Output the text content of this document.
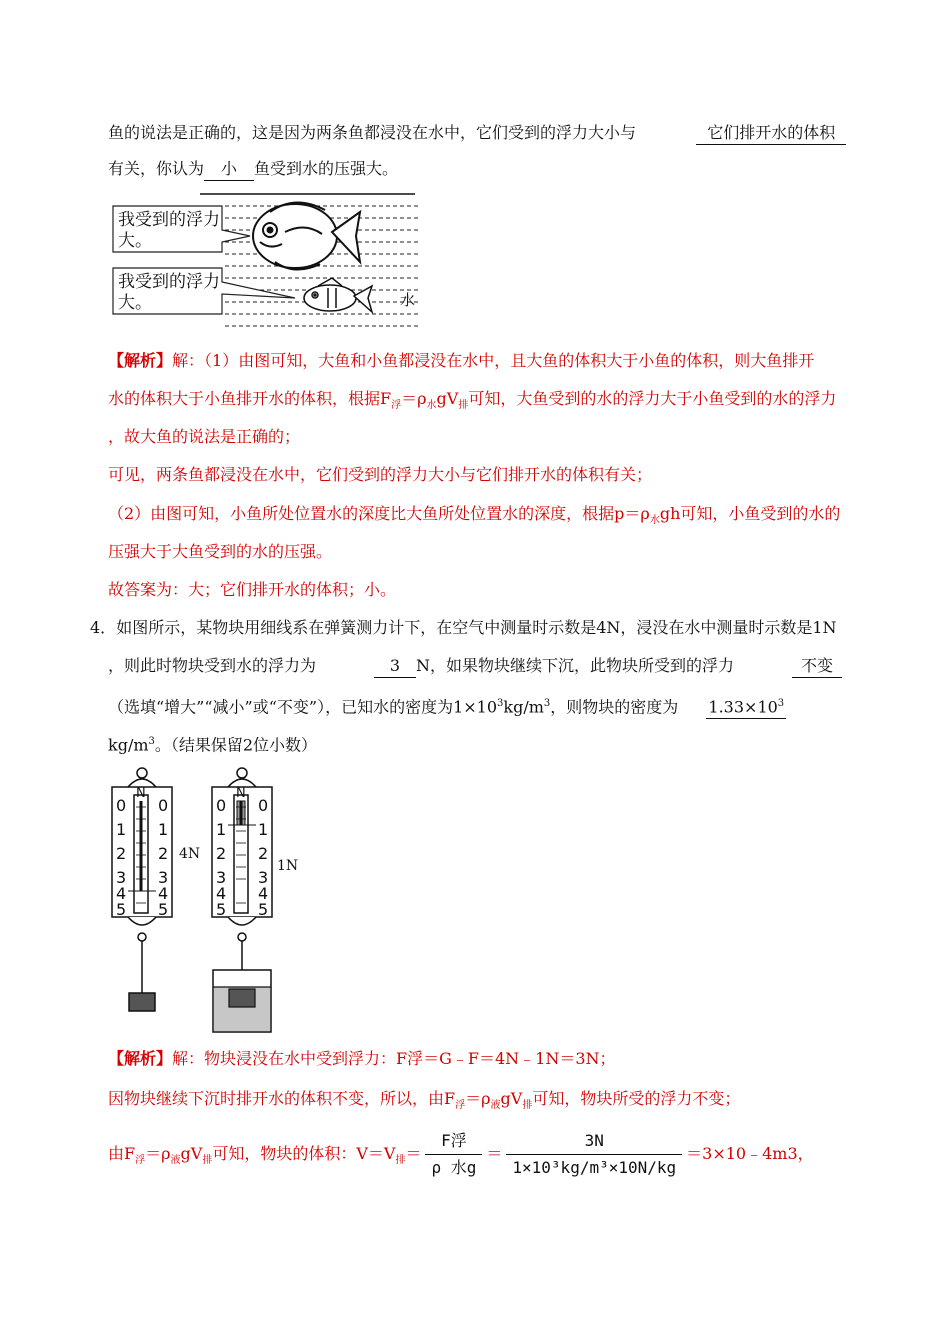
鱼的说法是正确的，这是因为两条鱼都浸没在水中，它们受到的浮力大小与	它们排开水的体积
有关，你认为 小 鱼受到水的压强大。
我受到的浮力大。
我受到的浮力大。	水
【解析】解：（1）由图可知，大鱼和小鱼都浸没在水中，且大鱼的体积大于小鱼的体积，则大鱼排开
水的体积大于小鱼排开水的体积，根据$F_浮=\rho_水gV_排$可知，大鱼受到的水的浮力大于小鱼受到的水的浮力
，故大鱼的说法是正确的；
可见，两条鱼都浸没在水中，它们受到的浮力大小与它们排开水的体积有关；
（2）由图可知，小鱼所处位置水的深度比大鱼所处位置水的深度，根据$p=\rho_水gh$可知，小鱼受到的水的
压强大于大鱼受到的水的压强。
故答案为：大；它们排开水的体积；小。
4．如图所示，某物块用细线系在弹簧测力计下，在空气中测量时示数是4N，浸没在水中测量时示数是1N
，则此时物块受到水的浮力为	3 N，如果物块继续下沉，此物块所受到的浮力	不变
（选填“增大”“减小”或“不变”），已知水的密度为$1\times 10^3kg/m^3$，则物块的密度为 $1.33\times 10^3$
$kg/m^3$。（结果保留2位小数）
0 0
1 1
2 2
3 3
4 4
5 5
0 0
1 1
2 2
3 3
4 4
5 5
N	N
4N
1N
【解析】解：物块浸没在水中受到浮力：F浮＝G﹣F＝4N﹣1N＝3N；
因物块继续下沉时排开水的体积不变，所以，由$F_浮=\rho_液gV_排$可知，物块所受的浮力不变；
由$F_浮=\rho_液gV_排$可知，物块的体积：$V=V_排= \frac{\text{F浮}}{\text{ρ 水g}} = \frac{3N}{\text{1×10³kg/m³×10N/kg}}$ ＝3×10﹣4m3，
